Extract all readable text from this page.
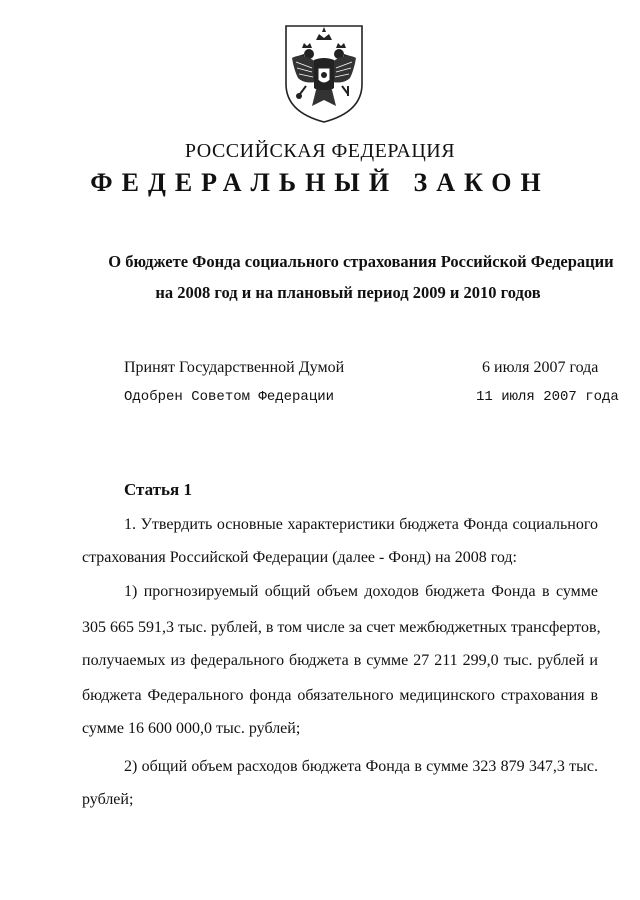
РОССИЙСКАЯ ФЕДЕРАЦИЯ
ФЕДЕРАЛЬНЫЙ ЗАКОН
О бюджете Фонда социального страхования Российской Федерации
на 2008 год и на плановый период 2009 и 2010 годов
Принят Государственной Думой	6 июля 2007 года
Одобрен Советом Федерации	11 июля 2007 года
Статья 1
1. Утвердить основные характеристики бюджета Фонда социального
страхования Российской Федерации (далее - Фонд) на 2008 год:
1) прогнозируемый общий объем доходов бюджета Фонда в сумме
305 665 591,3 тыс. рублей, в том числе за счет межбюджетных трансфертов,
получаемых из федерального бюджета в сумме 27 211 299,0 тыс. рублей и
бюджета Федерального фонда обязательного медицинского страхования в
сумме 16 600 000,0 тыс. рублей;
2) общий объем расходов бюджета Фонда в сумме 323 879 347,3 тыс.
рублей;
